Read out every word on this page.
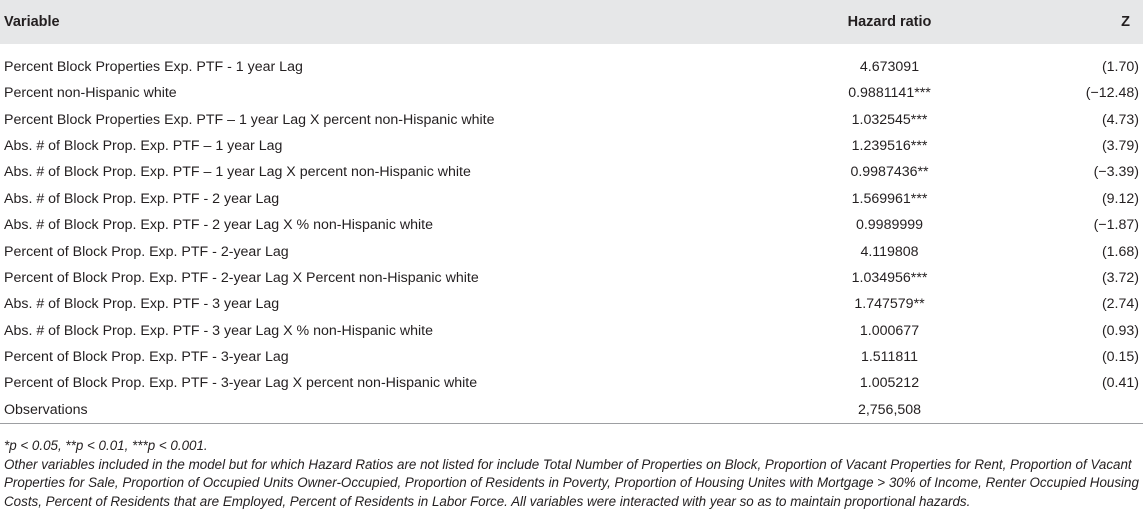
Variable	Hazard ratio	Z
Percent Block Properties Exp. PTF - 1 year Lag	4.673091	(1.70)
Percent non-Hispanic white	0.9881141***	(−12.48)
Percent Block Properties Exp. PTF – 1 year Lag X percent non-Hispanic white	1.032545***	(4.73)
Abs. # of Block Prop. Exp. PTF – 1 year Lag	1.239516***	(3.79)
Abs. # of Block Prop. Exp. PTF – 1 year Lag X percent non-Hispanic white	0.9987436**	(−3.39)
Abs. # of Block Prop. Exp. PTF - 2 year Lag	1.569961***	(9.12)
Abs. # of Block Prop. Exp. PTF - 2 year Lag X % non-Hispanic white	0.9989999	(−1.87)
Percent of Block Prop. Exp. PTF - 2-year Lag	4.119808	(1.68)
Percent of Block Prop. Exp. PTF - 2-year Lag X Percent non-Hispanic white	1.034956***	(3.72)
Abs. # of Block Prop. Exp. PTF - 3 year Lag	1.747579**	(2.74)
Abs. # of Block Prop. Exp. PTF - 3 year Lag X % non-Hispanic white	1.000677	(0.93)
Percent of Block Prop. Exp. PTF - 3-year Lag	1.511811	(0.15)
Percent of Block Prop. Exp. PTF - 3-year Lag X percent non-Hispanic white	1.005212	(0.41)
Observations	2,756,508	

*p < 0.05, **p < 0.01, ***p < 0.001.

Other variables included in the model but for which Hazard Ratios are not listed for include Total Number of Properties on Block, Proportion of Vacant Properties for Rent, Proportion of Vacant Properties for Sale, Proportion of Occupied Units Owner-Occupied, Proportion of Residents in Poverty, Proportion of Housing Unites with Mortgage > 30% of Income, Renter Occupied Housing Costs, Percent of Residents that are Employed, Percent of Residents in Labor Force. All variables were interacted with year so as to maintain proportional hazards.
